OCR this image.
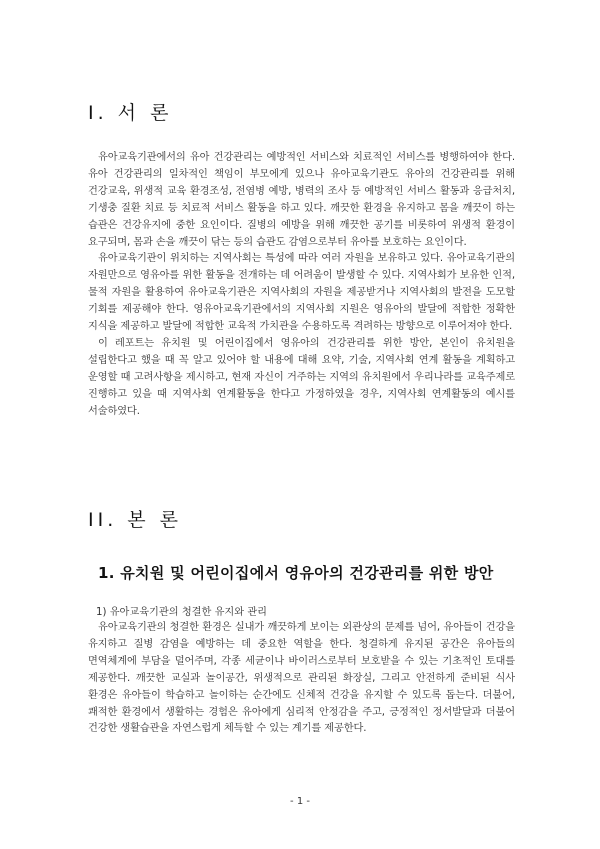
I. 서 론

유아교육기관에서의 유아 건강관리는 예방적인 서비스와 치료적인 서비스를 병행하여야 한다. 유아 건강관리의 일차적인 책임이 부모에게 있으나 유아교육기관도 유아의 건강관리를 위해 건강교육, 위생적 교육 환경조성, 전염병 예방, 병력의 조사 등 예방적인 서비스 활동과 응급처치, 기생충 질환 치료 등 치료적 서비스 활동을 하고 있다. 깨끗한 환경을 유지하고 몸을 깨끗이 하는 습관은 건강유지에 중한 요인이다. 질병의 예방을 위해 깨끗한 공기를 비롯하여 위생적 환경이 요구되며, 몸과 손을 깨끗이 닦는 등의 습관도 감염으로부터 유아를 보호하는 요인이다.

유아교육기관이 위치하는 지역사회는 특성에 따라 여러 자원을 보유하고 있다. 유아교육기관의 자원만으로 영유아를 위한 활동을 전개하는 데 어려움이 발생할 수 있다. 지역사회가 보유한 인적, 물적 자원을 활용하여 유아교육기관은 지역사회의 자원을 제공받거나 지역사회의 발전을 도모할 기회를 제공해야 한다. 영유아교육기관에서의 지역사회 지원은 영유아의 발달에 적합한 정확한 지식을 제공하고 발달에 적합한 교육적 가치관을 수용하도록 격려하는 방향으로 이루어져야 한다.

이 레포트는 유치원 및 어린이집에서 영유아의 건강관리를 위한 방안, 본인이 유치원을 설립한다고 했을 때 꼭 알고 있어야 할 내용에 대해 요약, 기술, 지역사회 연계 활동을 계획하고 운영할 때 고려사항을 제시하고, 현재 자신이 거주하는 지역의 유치원에서 우리나라를 교육주제로 진행하고 있을 때 지역사회 연계활동을 한다고 가정하였을 경우, 지역사회 연계활동의 예시를 서술하였다.

II. 본 론
1. 유치원 및 어린이집에서 영유아의 건강관리를 위한 방안
1) 유아교육기관의 청결한 유지와 관리

유아교육기관의 청결한 환경은 실내가 깨끗하게 보이는 외관상의 문제를 넘어, 유아들이 건강을 유지하고 질병 감염을 예방하는 데 중요한 역할을 한다. 청결하게 유지된 공간은 유아들의 면역체계에 부담을 덜어주며, 각종 세균이나 바이러스로부터 보호받을 수 있는 기초적인 토대를 제공한다. 깨끗한 교실과 놀이공간, 위생적으로 관리된 화장실, 그리고 안전하게 준비된 식사 환경은 유아들이 학습하고 놀이하는 순간에도 신체적 건강을 유지할 수 있도록 돕는다. 더불어, 쾌적한 환경에서 생활하는 경험은 유아에게 심리적 안정감을 주고, 긍정적인 정서발달과 더불어 건강한 생활습관을 자연스럽게 체득할 수 있는 계기를 제공한다.

- 1 -
